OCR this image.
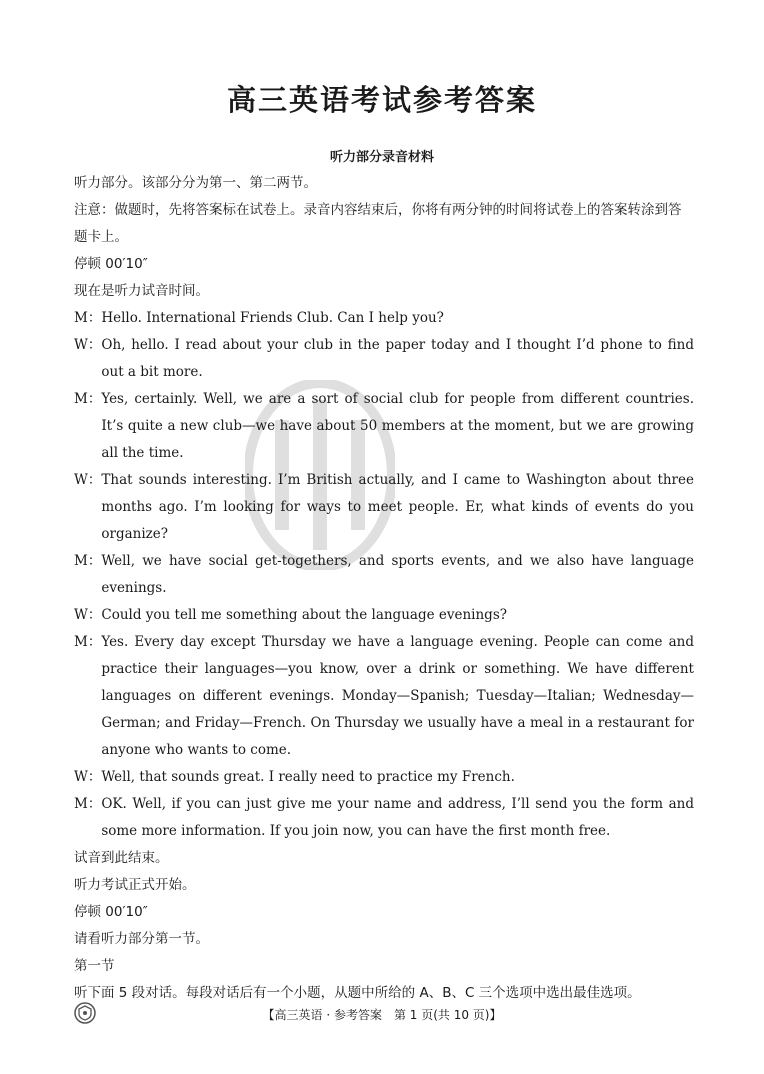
高三英语考试参考答案
听力部分录音材料

听力部分。该部分分为第一、第二两节。

注意：做题时，先将答案标在试卷上。录音内容结束后，你将有两分钟的时间将试卷上的答案转涂到答题卡上。

停顿 00′10″

现在是听力试音时间。

M： Hello. International Friends Club. Can I help you?
W： Oh, hello. I read about your club in the paper today and I thought I’d phone to find out a bit more.
M： Yes, certainly. Well, we are a sort of social club for people from different countries. It’s quite a new club—we have about 50 members at the moment, but we are growing all the time.
W： That sounds interesting. I’m British actually, and I came to Washington about three months ago. I’m looking for ways to meet people. Er, what kinds of events do you organize?
M： Well, we have social get-togethers, and sports events, and we also have language evenings.
W： Could you tell me something about the language evenings?
M： Yes. Every day except Thursday we have a language evening. People can come and practice their languages—you know, over a drink or something. We have different languages on different evenings. Monday—Spanish; Tuesday—Italian; Wednesday—German; and Friday—French. On Thursday we usually have a meal in a restaurant for anyone who wants to come.
W： Well, that sounds great. I really need to practice my French.
M： OK. Well, if you can just give me your name and address, I’ll send you the form and some more information. If you join now, you can have the first month free.

试音到此结束。

听力考试正式开始。

停顿 00′10″

请看听力部分第一节。

第一节

听下面 5 段对话。每段对话后有一个小题，从题中所给的 A、B、C 三个选项中选出最佳选项。

【高三英语 · 参考答案　第 1 页(共 10 页)】
